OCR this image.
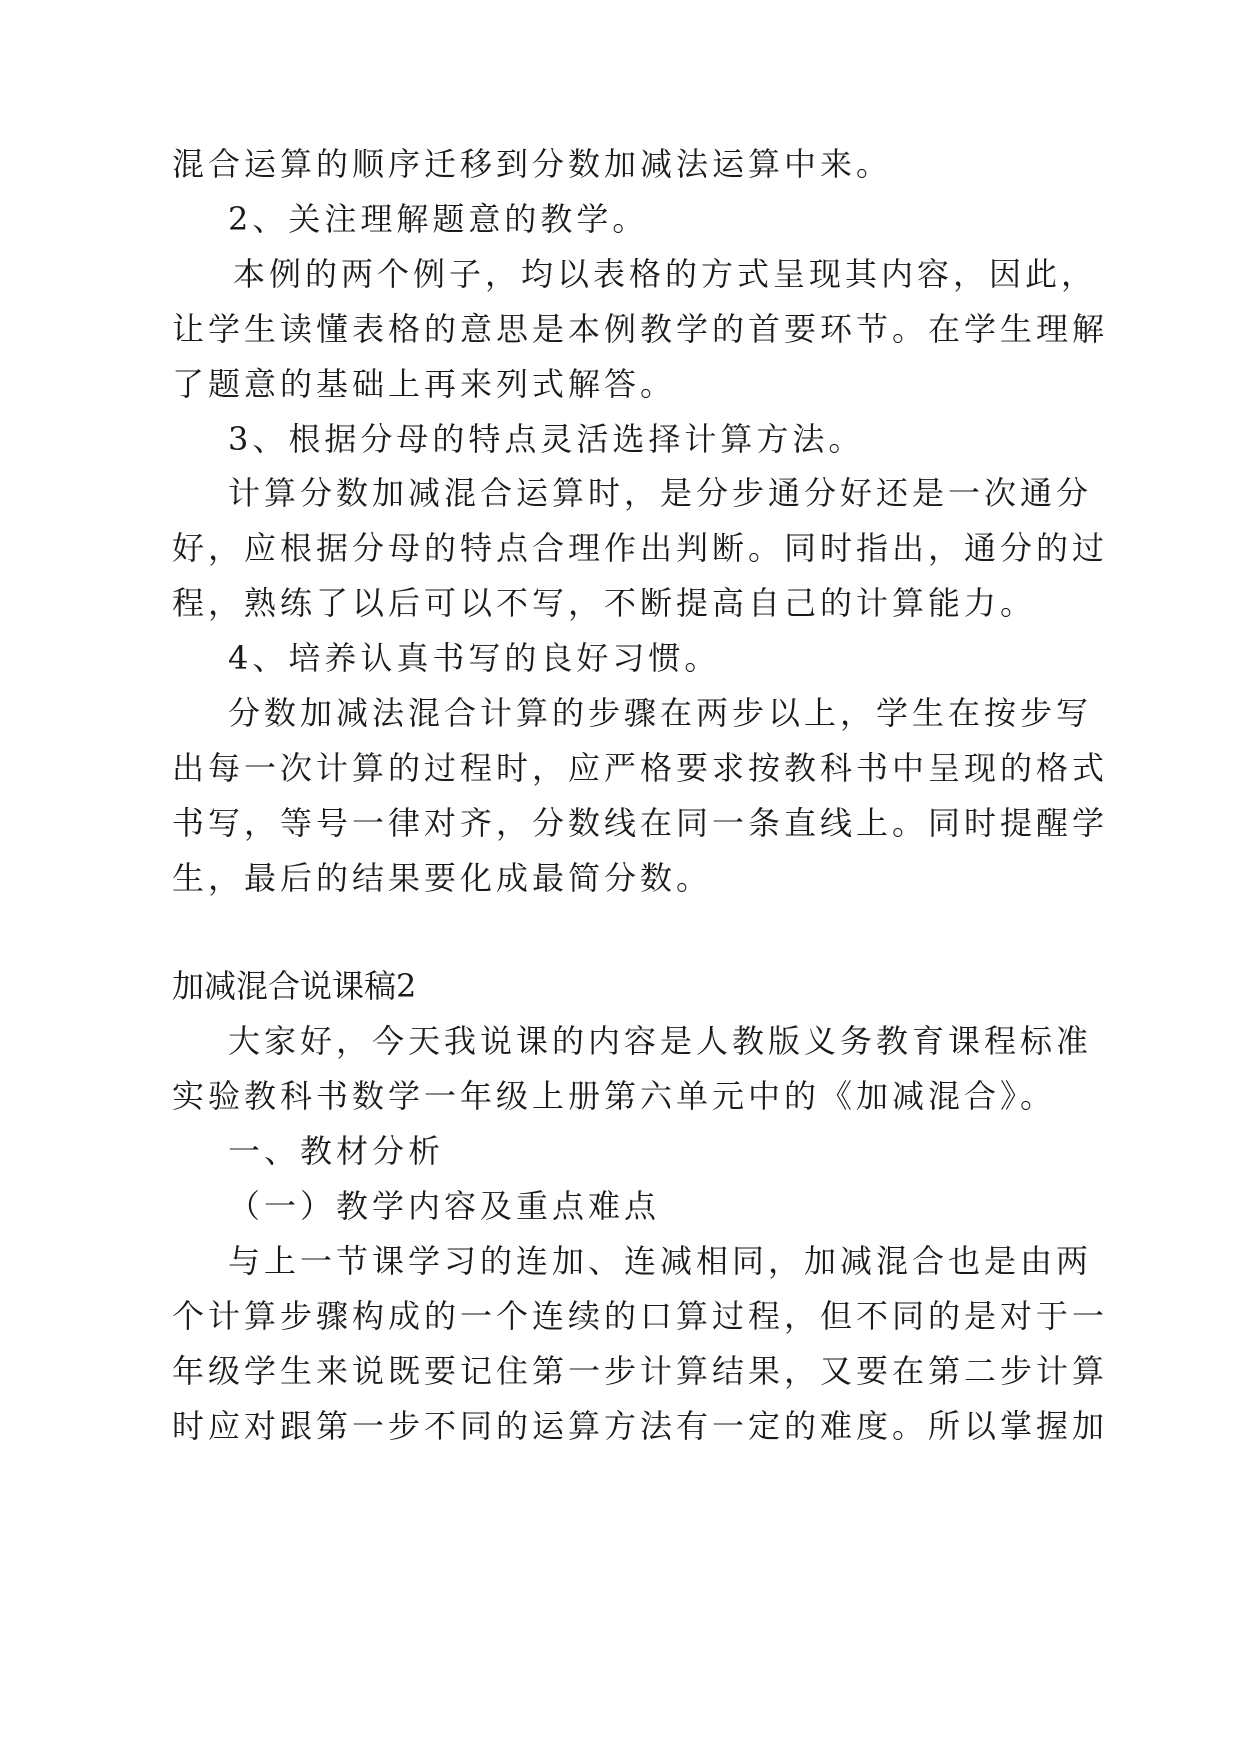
混合运算的顺序迁移到分数加减法运算中来。
2、关注理解题意的教学。
本例的两个例子，均以表格的方式呈现其内容，因此，
让学生读懂表格的意思是本例教学的首要环节。在学生理解
了题意的基础上再来列式解答。
3、根据分母的特点灵活选择计算方法。
计算分数加减混合运算时，是分步通分好还是一次通分
好，应根据分母的特点合理作出判断。同时指出，通分的过
程，熟练了以后可以不写，不断提高自己的计算能力。
4、培养认真书写的良好习惯。
分数加减法混合计算的步骤在两步以上，学生在按步写
出每一次计算的过程时，应严格要求按教科书中呈现的格式
书写，等号一律对齐，分数线在同一条直线上。同时提醒学
生，最后的结果要化成最简分数。
加减混合说课稿2
大家好，今天我说课的内容是人教版义务教育课程标准
实验教科书数学一年级上册第六单元中的《加减混合》。
一、教材分析
（一）教学内容及重点难点
与上一节课学习的连加、连减相同，加减混合也是由两
个计算步骤构成的一个连续的口算过程，但不同的是对于一
年级学生来说既要记住第一步计算结果，又要在第二步计算
时应对跟第一步不同的运算方法有一定的难度。所以掌握加
